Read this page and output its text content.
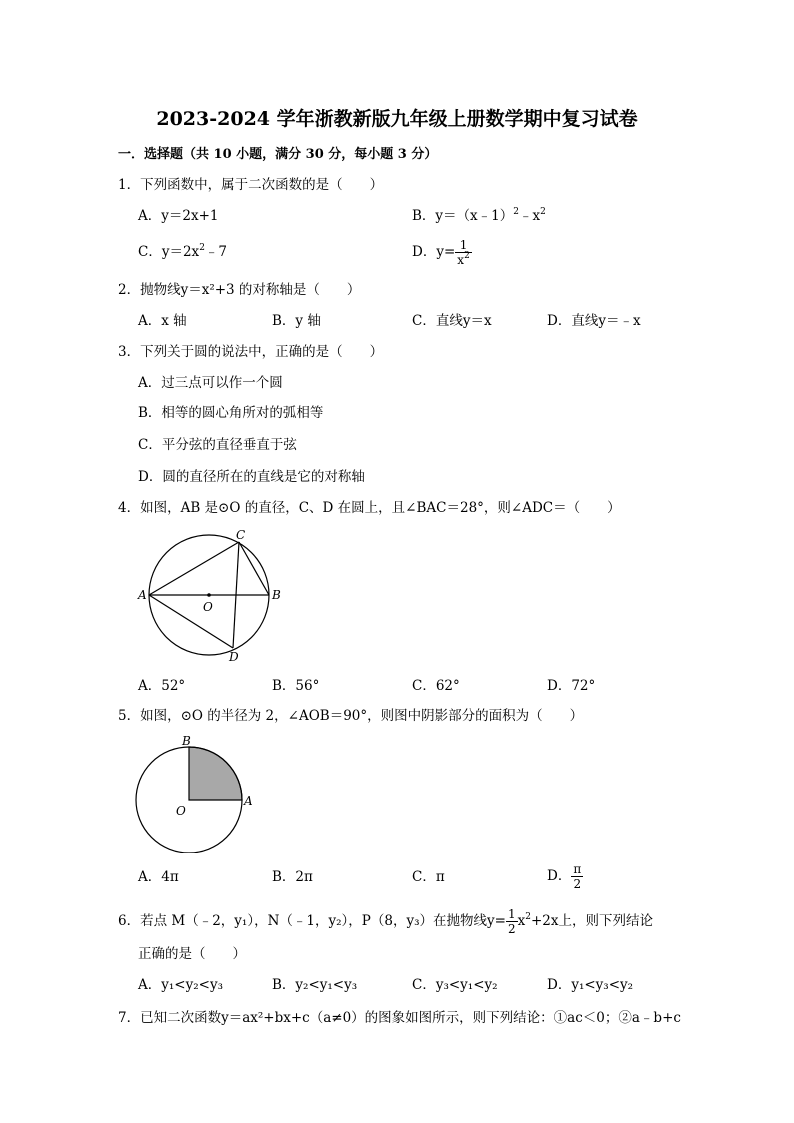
2023-2024 学年浙教新版九年级上册数学期中复习试卷
一．选择题（共 10 小题，满分 30 分，每小题 3 分）
1．下列函数中，属于二次函数的是（　　）
A．y＝2x+1	B．$y=(x﹣1)^2﹣x^2$
C．$y=2x^2﹣7$	D．$y= \frac{1}{x^2}$
2．抛物线y＝x²+3 的对称轴是（　　）
A．x 轴	B．y 轴	C．直线y＝x	D．直线y＝﹣x
3．下列关于圆的说法中，正确的是（　　）
A．过三点可以作一个圆
B．相等的圆心角所对的弧相等
C．平分弦的直径垂直于弦
D．圆的直径所在的直线是它的对称轴
4．如图，AB 是⊙O 的直径，C、D 在圆上，且∠BAC＝28°，则∠ADC＝（　　）
A	B
C
D
O
A．52°	B．56°	C．62°	D．72°
5．如图，⊙O 的半径为 2，∠AOB＝90°，则图中阴影部分的面积为（　　）
B
A
O
A．4π	B．2π	C．π	D． $\frac{\pi}{2}$
6．若点 M（﹣2，y₁），N（﹣1，y₂），P（8，y₃）在抛物线$y= \frac{1}{2} x^2+2x$上，则下列结论
正确的是（　　）
A．y₁<y₂<y₃	B．y₂<y₁<y₃	C．y₃<y₁<y₂	D．y₁<y₃<y₂
7．已知二次函数y＝ax²+bx+c（a≠0）的图象如图所示，则下列结论：①ac＜0；②a﹣b+c
